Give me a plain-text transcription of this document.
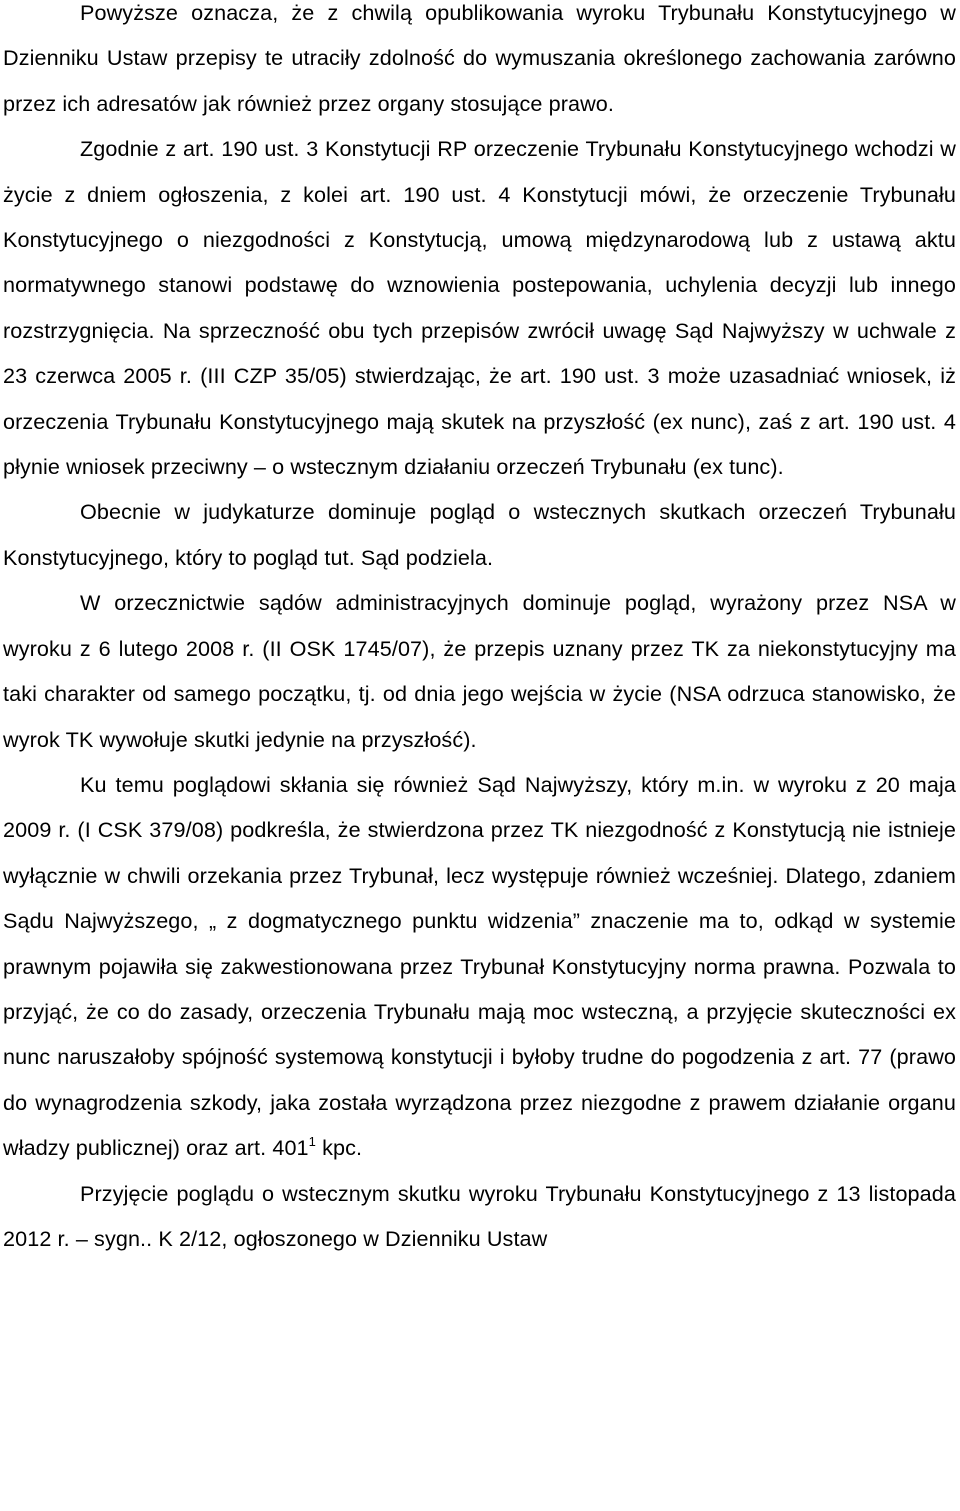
Powyższe oznacza, że z chwilą opublikowania wyroku Trybunału Konstytucyjnego w Dzienniku Ustaw przepisy te utraciły zdolność do wymuszania określonego zachowania zarówno przez ich adresatów jak również przez organy stosujące prawo.

Zgodnie z art. 190 ust. 3 Konstytucji RP orzeczenie Trybunału Konstytucyjnego wchodzi w życie z dniem ogłoszenia, z kolei art. 190 ust. 4 Konstytucji mówi, że orzeczenie Trybunału Konstytucyjnego o niezgodności z Konstytucją, umową międzynarodową lub z ustawą aktu normatywnego stanowi podstawę do wznowienia postepowania, uchylenia decyzji lub innego rozstrzygnięcia. Na sprzeczność obu tych przepisów zwrócił uwagę Sąd Najwyższy w uchwale z 23 czerwca 2005 r. (III CZP 35/05) stwierdzając, że art. 190 ust. 3 może uzasadniać wniosek, iż orzeczenia Trybunału Konstytucyjnego mają skutek na przyszłość (ex nunc), zaś z art. 190 ust. 4 płynie wniosek przeciwny – o wstecznym działaniu orzeczeń Trybunału (ex tunc).

Obecnie w judykaturze dominuje pogląd o wstecznych skutkach orzeczeń Trybunału Konstytucyjnego, który to pogląd tut. Sąd podziela.

W orzecznictwie sądów administracyjnych dominuje pogląd, wyrażony przez NSA w wyroku z 6 lutego 2008 r. (II OSK 1745/07), że przepis uznany przez TK za niekonstytucyjny ma taki charakter od samego początku, tj. od dnia jego wejścia w życie (NSA odrzuca stanowisko, że wyrok TK wywołuje skutki jedynie na przyszłość).

Ku temu poglądowi skłania się również Sąd Najwyższy, który m.in. w wyroku z 20 maja 2009 r. (I CSK 379/08) podkreśla, że stwierdzona przez TK niezgodność z Konstytucją nie istnieje wyłącznie w chwili orzekania przez Trybunał, lecz występuje również wcześniej. Dlatego, zdaniem Sądu Najwyższego, „ z dogmatycznego punktu widzenia” znaczenie ma to, odkąd w systemie prawnym pojawiła się zakwestionowana przez Trybunał Konstytucyjny norma prawna. Pozwala to przyjąć, że co do zasady, orzeczenia Trybunału mają moc wsteczną, a przyjęcie skuteczności ex nunc naruszałoby spójność systemową konstytucji i byłoby trudne do pogodzenia z art. 77 (prawo do wynagrodzenia szkody, jaka została wyrządzona przez niezgodne z prawem działanie organu władzy publicznej) oraz art. $401^1$ kpc.

Przyjęcie poglądu o wstecznym skutku wyroku Trybunału Konstytucyjnego z 13 listopada 2012 r. – sygn.. K 2/12, ogłoszonego w Dzienniku Ustaw
